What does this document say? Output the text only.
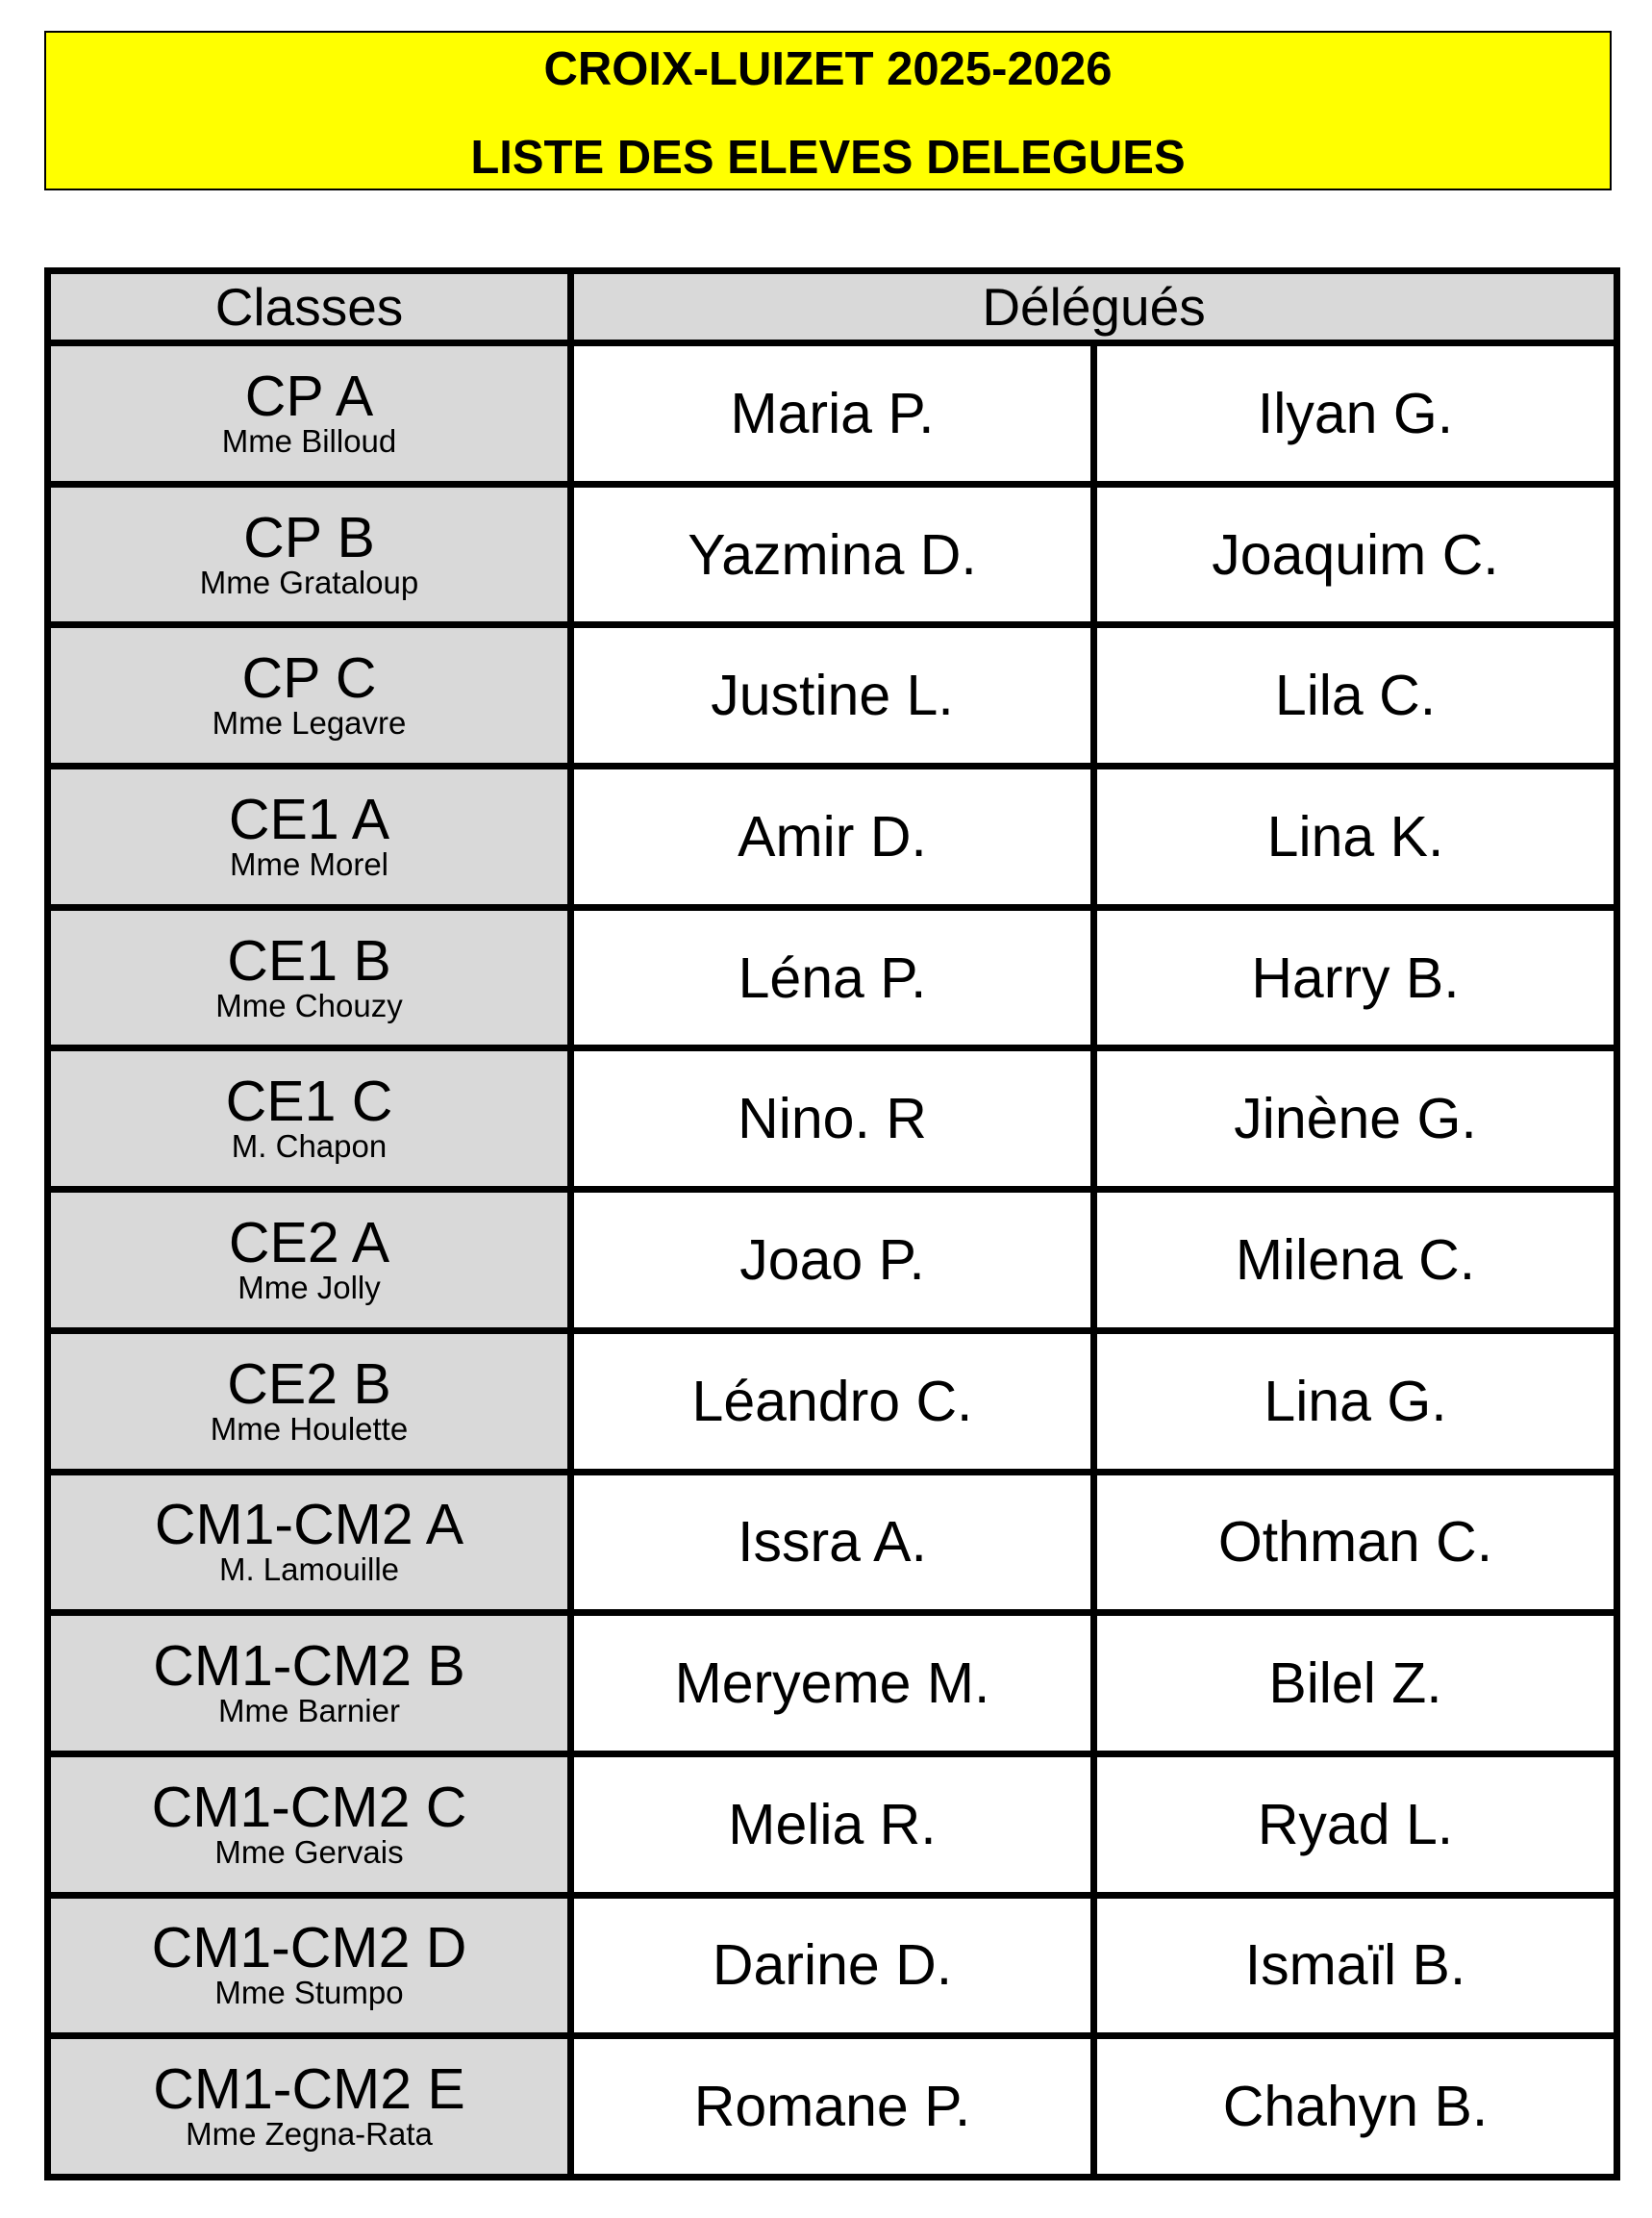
CROIX-LUIZET 2025-2026
LISTE DES ELEVES DELEGUES
Classes	Délégués	

CP A
Mme Billoud	Maria P.	Ilyan G.

CP B
Mme Grataloup	Yazmina D.	Joaquim C.

CP C
Mme Legavre	Justine L.	Lila C.

CE1 A
Mme Morel	Amir D.	Lina K.

CE1 B
Mme Chouzy	Léna P.	Harry B.

CE1 C
M. Chapon	Nino. R	Jinène G.

CE2 A
Mme Jolly	Joao P.	Milena C.

CE2 B
Mme Houlette	Léandro C.	Lina G.

CM1-CM2 A
M. Lamouille	Issra A.	Othman C.

CM1-CM2 B
Mme Barnier	Meryeme M.	Bilel Z.

CM1-CM2 C
Mme Gervais	Melia R.	Ryad L.

CM1-CM2 D
Mme Stumpo	Darine D.	Ismaïl B.

CM1-CM2 E
Mme Zegna-Rata	Romane P.	Chahyn B.
